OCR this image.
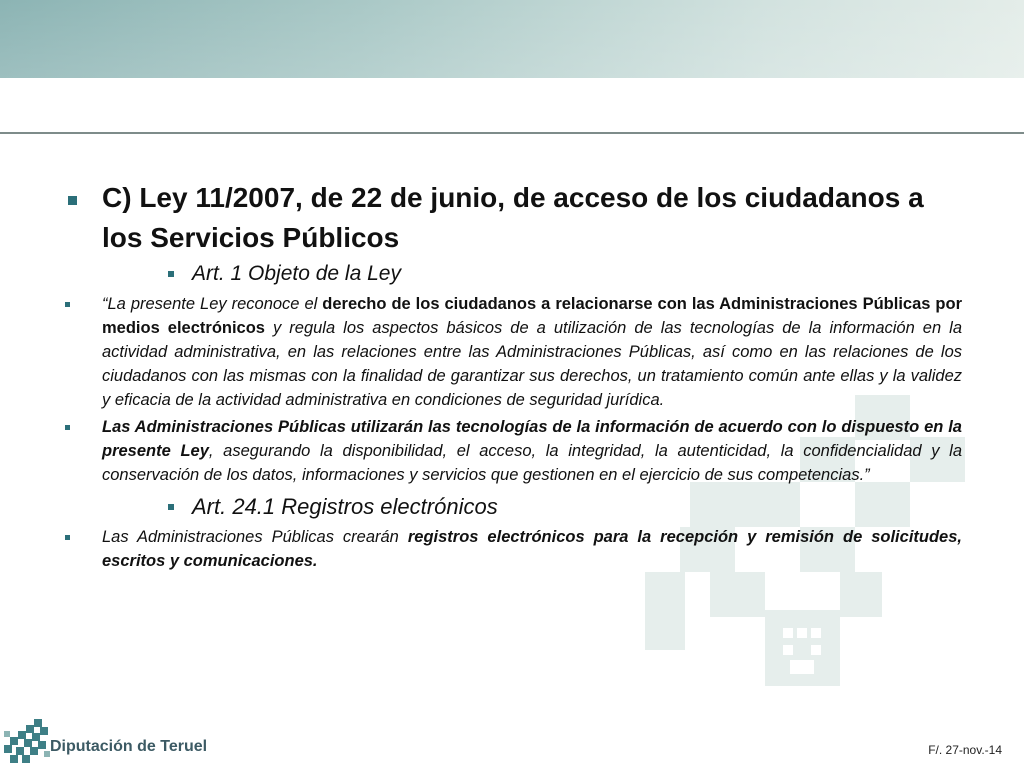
C) Ley 11/2007, de 22 de junio, de acceso de los ciudadanos a los Servicios Públicos
Art. 1 Objeto de la Ley
“La presente Ley reconoce el derecho de los ciudadanos a relacionarse con las Administraciones Públicas por medios electrónicos y regula los aspectos básicos de a utilización de las tecnologías de la información en la actividad administrativa, en las relaciones entre las Administraciones Públicas, así como en las relaciones de los ciudadanos con las mismas con la finalidad de garantizar sus derechos, un tratamiento común ante ellas y la validez y eficacia de la actividad administrativa en condiciones de seguridad jurídica.
Las Administraciones Públicas utilizarán las tecnologías de la información de acuerdo con lo dispuesto en la presente Ley, asegurando la disponibilidad, el acceso, la integridad, la autenticidad, la confidencialidad y la conservación de los datos, informaciones y servicios que gestionen en el ejercicio de sus competencias.”
Art. 24.1 Registros electrónicos
Las Administraciones Públicas crearán registros electrónicos para la recepción y remisión de solicitudes, escritos y comunicaciones.
Diputación de Teruel	F/. 27-nov.-14
